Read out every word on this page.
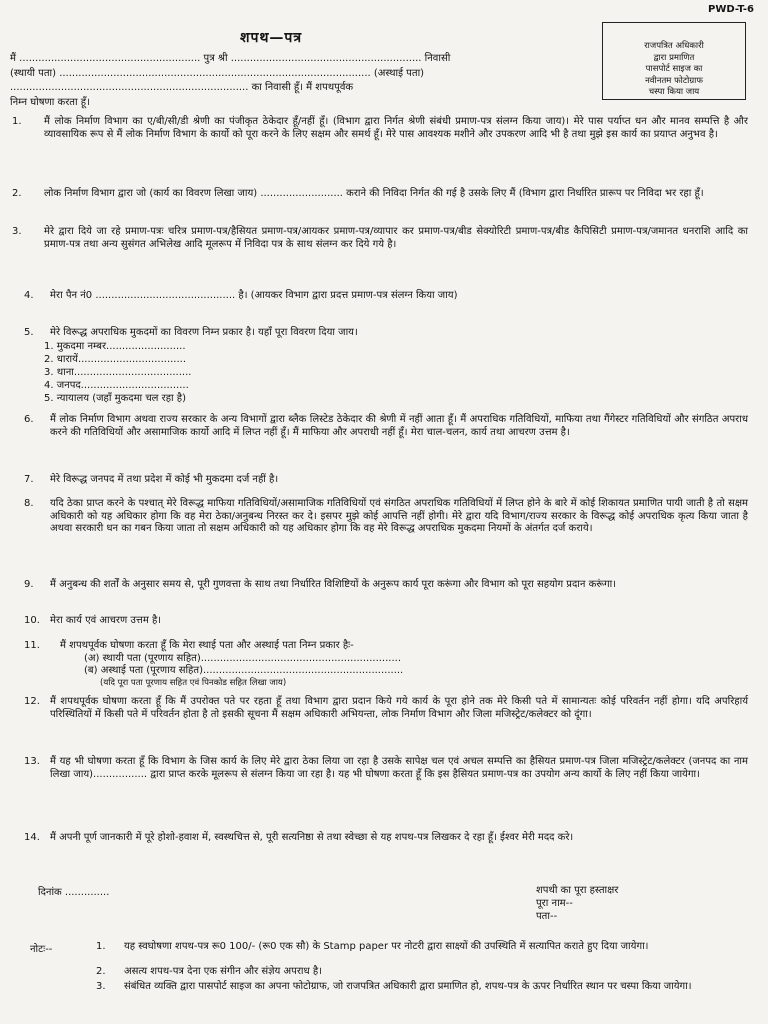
PWD-T-6
शपथ—पत्र	राजपत्रित अधिकारी
द्वारा प्रमाणित
पासपोर्ट साइज का
नवीनतम फोटोग्राफ
चस्पा किया जाय
मैं ......................................................... पुत्र श्री ............................................................ निवासी
(स्थायी पता) .................................................................................................. (अस्थाई पता)
........................................................................... का निवासी हूँ। मैं शपथपूर्वक
निम्न घोषणा करता हूँ।
1. मैं लोक निर्माण विभाग का ए/बी/सी/डी श्रेणी का पंजीकृत ठेकेदार हूँ/नहीं हूँ। (विभाग द्वारा निर्गत श्रेणी संबंधी प्रमाण-पत्र संलग्न किया जाय)। मेरे पास पर्याप्त धन और मानव सम्पत्ति है और व्यावसायिक रूप से मैं लोक निर्माण विभाग के कार्यो को पूरा करने के लिए सक्षम और समर्थ हूँ। मेरे पास आवश्यक मशीने और उपकरण आदि भी है तथा मुझे इस कार्य का प्रयाप्त अनुभव है।
2. लोक निर्माण विभाग द्वारा जो (कार्य का विवरण लिखा जाय) .......................... कराने की निविदा निर्गत की गई है उसके लिए मैं (विभाग द्वारा निर्धारित प्रारूप पर निविदा भर रहा हूँ।
3. मेरे द्वारा दिये जा रहे प्रमाण-पत्रः चरित्र प्रमाण-पत्र/हैसियत प्रमाण-पत्र/आयकर प्रमाण-पत्र/व्यापार कर प्रमाण-पत्र/बीड सेक्योरिटी प्रमाण-पत्र/बीड कैपिसिटी प्रमाण-पत्र/जमानत धनराशि आदि का प्रमाण-पत्र तथा अन्य सुसंगत अभिलेख आदि मूलरूप में निविदा पत्र के साथ संलग्न कर दिये गये है।
4. मेरा पैन नं0 ............................................ है। (आयकर विभाग द्वारा प्रदत्त प्रमाण-पत्र संलग्न किया जाय)
5. मेरे विरूद्ध अपराधिक मुकदमों का विवरण निम्न प्रकार है। यहाँ पूरा विवरण दिया जाय।
1. मुकदमा नम्बर.........................
2. धारायें..................................
3. थाना.....................................
4. जनपद..................................
5. न्यायालय (जहाँ मुकदमा चल रहा है)
6. मैं लोक निर्माण विभाग अथवा राज्य सरकार के अन्य विभागों द्वारा ब्लैक लिस्टेड ठेकेदार की श्रेणी में नहीं आता हूँ। मैं अपराधिक गतिविधियों, माफिया तथा गैंगेस्टर गतिविधियों और संगठित अपराध करने की गतिविधियों और असामाजिक कार्यो आदि में लिप्त नहीं हूँ। मैं माफिया और अपराधी नहीं हूँ। मेरा चाल-चलन, कार्य तथा आचरण उत्तम है।
7. मेरे विरूद्ध जनपद में तथा प्रदेश में कोई भी मुकदमा दर्ज नहीं है।
8. यदि ठेका प्राप्त करने के पश्चात् मेरे विरूद्ध माफिया गतिविधियों/असामाजिक गतिविधियों एवं संगठित अपराधिक गतिविधियों में लिप्त होने के बारे में कोई शिकायत प्रमाणित पायी जाती है तो सक्षम अधिकारी को यह अधिकार होगा कि वह मेरा ठेका/अनुबन्ध निरस्त कर दे। इसपर मुझे कोई आपत्ति नहीं होगी। मेरे द्वारा यदि विभाग/राज्य सरकार के विरूद्ध कोई अपराधिक कृत्य किया जाता है अथवा सरकारी धन का गबन किया जाता तो सक्षम अधिकारी को यह अधिकार होगा कि वह मेरे विरूद्ध अपराधिक मुकदमा नियमों के अंतर्गत दर्ज कराये।
9. मैं अनुबन्ध की शर्तों के अनुसार समय से, पूरी गुणवत्ता के साथ तथा निर्धारित विशिष्टियों के अनुरूप कार्य पूरा करूंगा और विभाग को पूरा सहयोग प्रदान करूंगा।
10. मेरा कार्य एवं आचरण उत्तम है।
11. मैं शपथपूर्वक घोषणा करता हूँ कि मेरा स्थाई पता और अस्थाई पता निम्न प्रकार हैः-
(अ) स्थायी पता (पूरणाय सहित)...............................................................
(ब) अस्थाई पता (पूरणाय सहित)...............................................................
(यदि पूरा पता पूरणाय सहित एवं पिनकोड सहित लिखा जाय)
12. मैं शपथपूर्वक घोषणा करता हूँ कि मैं उपरोक्त पते पर रहता हूँ तथा विभाग द्वारा प्रदान किये गये कार्य के पूरा होने तक मेरे किसी पते में सामान्यतः कोई परिवर्तन नहीं होगा। यदि अपरिहार्य परिस्थितियों में किसी पते में परिवर्तन होता है तो इसकी सूचना मैं सक्षम अधिकारी अभियन्ता, लोक निर्माण विभाग और जिला मजिस्ट्रेट/कलेक्टर को दूंगा।
13. मैं यह भी घोषणा करता हूँ कि विभाग के जिस कार्य के लिए मेरे द्वारा ठेका लिया जा रहा है उसके सापेक्ष चल एवं अचल सम्पत्ति का हैसियत प्रमाण-पत्र जिला मजिस्ट्रेट/कलेक्टर (जनपद का नाम लिखा जाय)................. द्वारा प्राप्त करके मूलरूप से संलग्न किया जा रहा है। यह भी घोषणा करता हूँ कि इस हैसियत प्रमाण-पत्र का उपयोग अन्य कार्यो के लिए नहीं किया जायेगा।
14. मैं अपनी पूर्ण जानकारी में पूरे होशो-हवाश में, स्वस्थचित्त से, पूरी सत्यनिष्ठा से तथा स्वेच्छा से यह शपथ-पत्र लिखकर दे रहा हूँ। ईश्वर मेरी मदद करे।
दिनांक ..............	शपथी का पूरा हस्ताक्षर
पूरा नाम--
पता--
नोटः--	1. यह स्वघोषणा शपथ-पत्र रू0 100/- (रू0 एक सौ) के Stamp paper पर नोटरी द्वारा साक्ष्यों की उपस्थिति में सत्यापित कराते हुए दिया जायेगा।
2. असत्य शपथ-पत्र देना एक संगीन और संज्ञेय अपराध है।
3. संबंधित व्यक्ति द्वारा पासपोर्ट साइज का अपना फोटोग्राफ, जो राजपत्रित अधिकारी द्वारा प्रमाणित हो, शपथ-पत्र के ऊपर निर्धारित स्थान पर चस्पा किया जायेगा।
